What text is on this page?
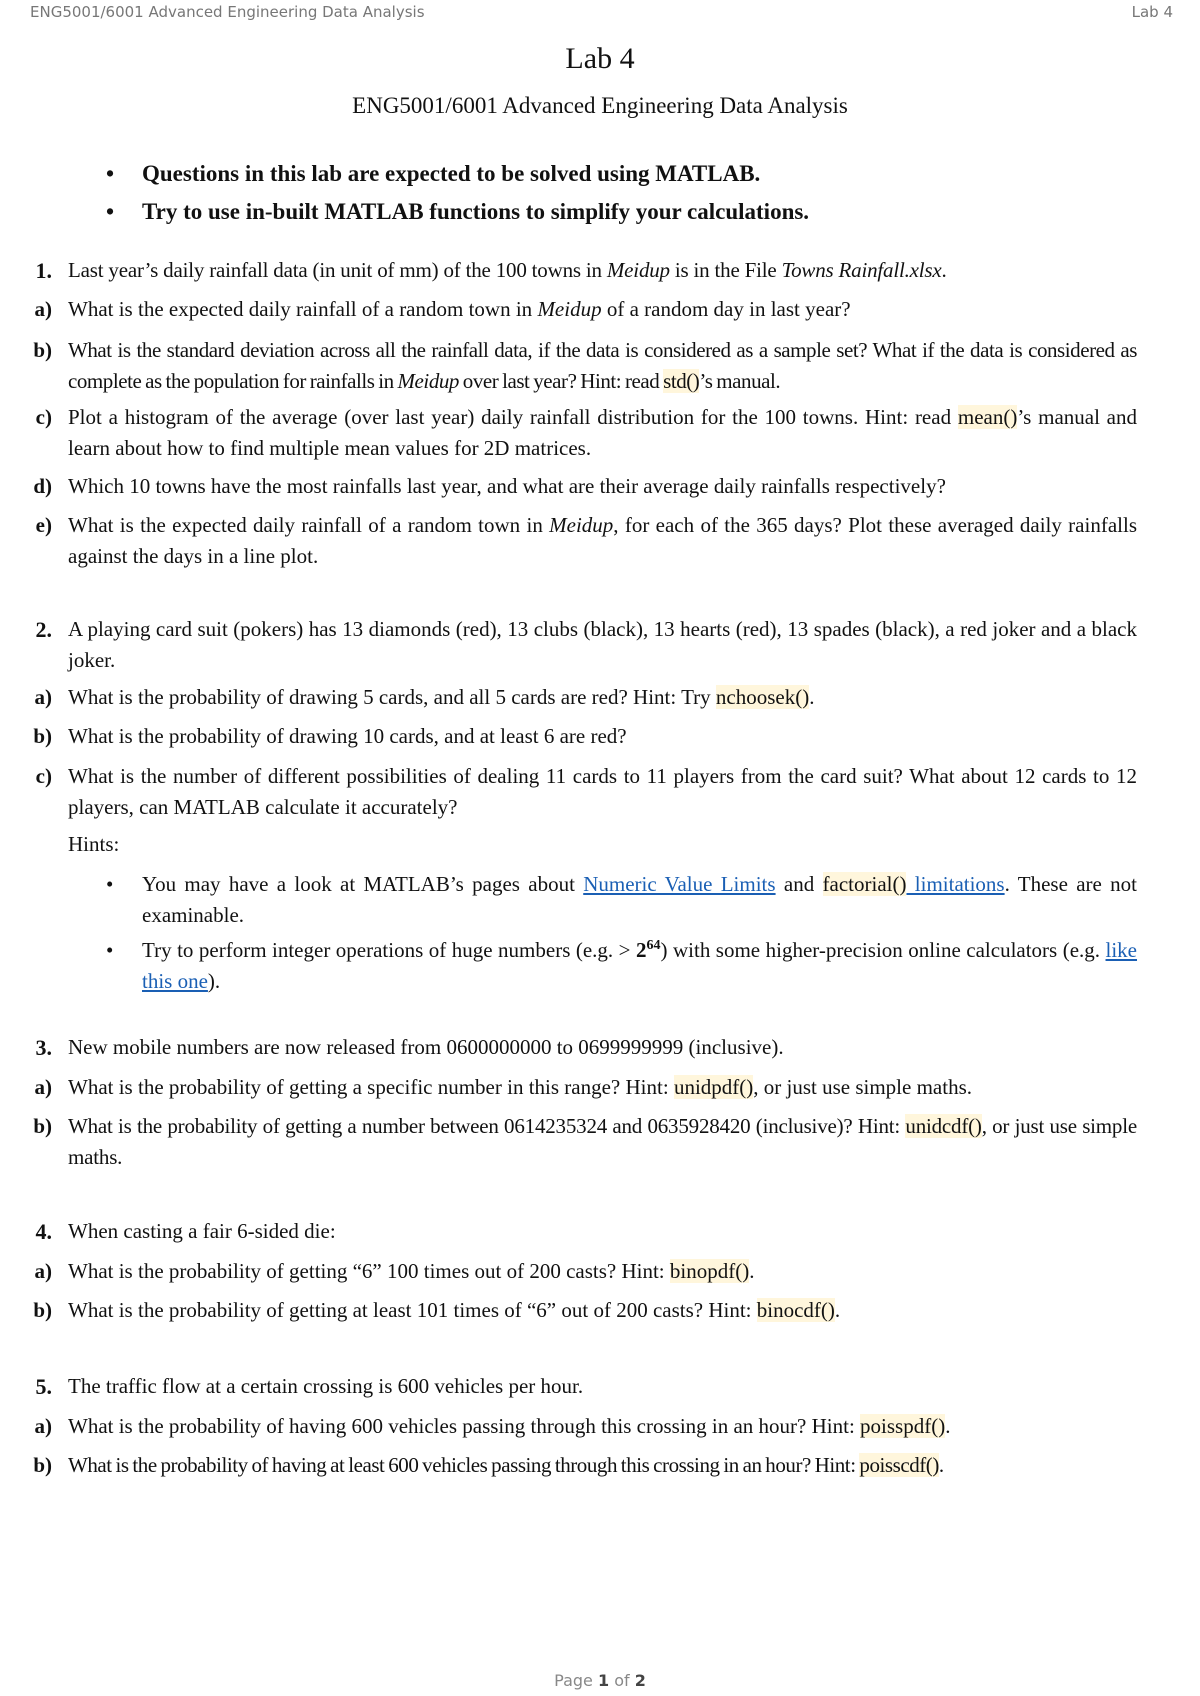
ENG5001/6001 Advanced Engineering Data Analysis	Lab 4
Lab 4
ENG5001/6001 Advanced Engineering Data Analysis
• Questions in this lab are expected to be solved using MATLAB.
• Try to use in-built MATLAB functions to simplify your calculations.
1. Last year’s daily rainfall data (in unit of mm) of the 100 towns in Meidup is in the File Towns Rainfall.xlsx.
a) What is the expected daily rainfall of a random town in Meidup of a random day in last year?
b) What is the standard deviation across all the rainfall data, if the data is considered as a sample set? What if the data is considered as complete as the population for rainfalls in Meidup over last year? Hint: read std()’s manual.
c) Plot a histogram of the average (over last year) daily rainfall distribution for the 100 towns. Hint: read mean()’s manual and learn about how to find multiple mean values for 2D matrices.
d) Which 10 towns have the most rainfalls last year, and what are their average daily rainfalls respectively?
e) What is the expected daily rainfall of a random town in Meidup, for each of the 365 days? Plot these averaged daily rainfalls against the days in a line plot.
2. A playing card suit (pokers) has 13 diamonds (red), 13 clubs (black), 13 hearts (red), 13 spades (black), a red joker and a black joker.
a) What is the probability of drawing 5 cards, and all 5 cards are red? Hint: Try nchoosek().
b) What is the probability of drawing 10 cards, and at least 6 are red?
c) What is the number of different possibilities of dealing 11 cards to 11 players from the card suit? What about 12 cards to 12 players, can MATLAB calculate it accurately?
Hints:
• You may have a look at MATLAB’s pages about Numeric Value Limits and factorial() limitations. These are not examinable.
• Try to perform integer operations of huge numbers (e.g. > $2^{64}$) with some higher-precision online calculators (e.g. like this one).
3. New mobile numbers are now released from 0600000000 to 0699999999 (inclusive).
a) What is the probability of getting a specific number in this range? Hint: unidpdf(), or just use simple maths.
b) What is the probability of getting a number between 0614235324 and 0635928420 (inclusive)? Hint: unidcdf(), or just use simple maths.
4. When casting a fair 6-sided die:
a) What is the probability of getting “6” 100 times out of 200 casts? Hint: binopdf().
b) What is the probability of getting at least 101 times of “6” out of 200 casts? Hint: binocdf().
5. The traffic flow at a certain crossing is 600 vehicles per hour.
a) What is the probability of having 600 vehicles passing through this crossing in an hour? Hint: poisspdf().
b) What is the probability of having at least 600 vehicles passing through this crossing in an hour? Hint: poisscdf().
Page 1 of 2
